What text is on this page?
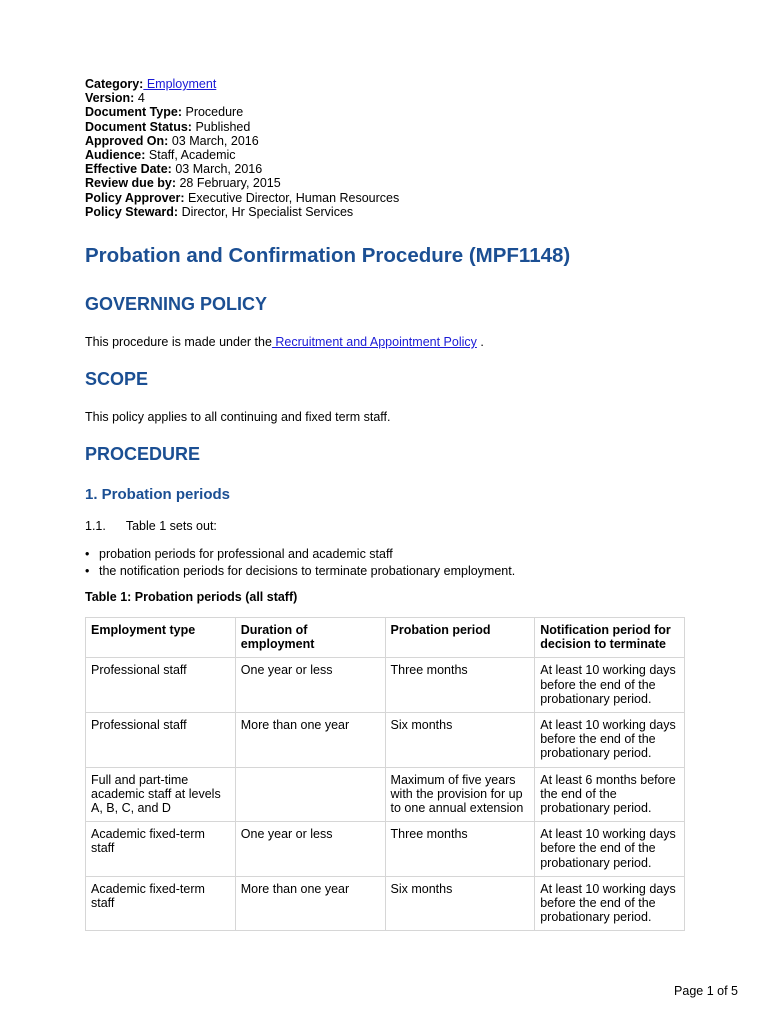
Category: Employment
Version: 4
Document Type: Procedure
Document Status: Published
Approved On: 03 March, 2016
Audience: Staff, Academic
Effective Date: 03 March, 2016
Review due by: 28 February, 2015
Policy Approver: Executive Director, Human Resources
Policy Steward: Director, Hr Specialist Services
Probation and Confirmation Procedure (MPF1148)
GOVERNING POLICY

This procedure is made under the Recruitment and Appointment Policy .

SCOPE

This policy applies to all continuing and fixed term staff.

PROCEDURE
1. Probation periods

1.1. Table 1 sets out:

• probation periods for professional and academic staff
• the notification periods for decisions to terminate probationary employment.
Table 1: Probation periods (all staff)
Employment type	Duration of employment	Probation period	Notification period for decision to terminate
Professional staff	One year or less	Three months	At least 10 working days before the end of the probationary period.
Professional staff	More than one year	Six months	At least 10 working days before the end of the probationary period.
Full and part-time academic staff at levels A, B, C, and D		Maximum of five years with the provision for up to one annual extension	At least 6 months before the end of the probationary period.
Academic fixed-term staff	One year or less	Three months	At least 10 working days before the end of the probationary period.
Academic fixed-term staff	More than one year	Six months	At least 10 working days before the end of the probationary period.
Page 1 of 5
